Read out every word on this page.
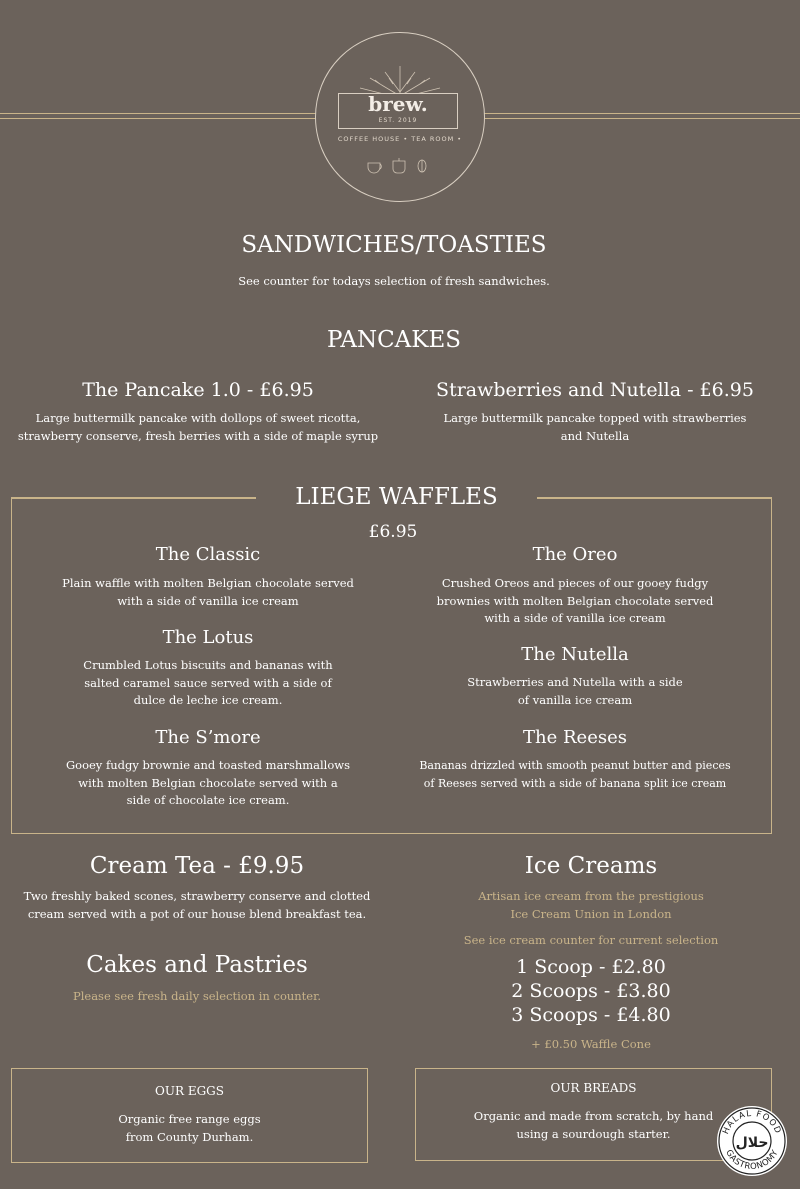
brew.
EST. 2019
COFFEE HOUSE • TEA ROOM •
SANDWICHES/TOASTIES
See counter for todays selection of fresh sandwiches.
PANCAKES
The Pancake 1.0 - £6.95
Large buttermilk pancake with dollops of sweet ricotta,
strawberry conserve, fresh berries with a side of maple syrup
Strawberries and Nutella - £6.95
Large buttermilk pancake topped with strawberries
and Nutella
LIEGE WAFFLES
£6.95
The Classic
Plain waffle with molten Belgian chocolate served
with a side of vanilla ice cream
The Lotus
Crumbled Lotus biscuits and bananas with
salted caramel sauce served with a side of
dulce de leche ice cream.
The S’more
Gooey fudgy brownie and toasted marshmallows
with molten Belgian chocolate served with a
side of chocolate ice cream.
The Oreo
Crushed Oreos and pieces of our gooey fudgy
brownies with molten Belgian chocolate served
with a side of vanilla ice cream
The Nutella
Strawberries and Nutella with a side
of vanilla ice cream
The Reeses
Bananas drizzled with smooth peanut butter and pieces
of Reeses served with a side of banana split ice cream
Cream Tea - £9.95
Two freshly baked scones, strawberry conserve and clotted
cream served with a pot of our house blend breakfast tea.
Cakes and Pastries
Please see fresh daily selection in counter.
Ice Creams
Artisan ice cream from the prestigious
Ice Cream Union in London
See ice cream counter for current selection
1 Scoop - £2.80
2 Scoops - £3.80
3 Scoops - £4.80
+ £0.50 Waffle Cone
OUR EGGS
Organic free range eggs
from County Durham.
OUR BREADS
Organic and made from scratch, by hand
using a sourdough starter.	HALAL FOOD
GASTRONOMY
حلال
